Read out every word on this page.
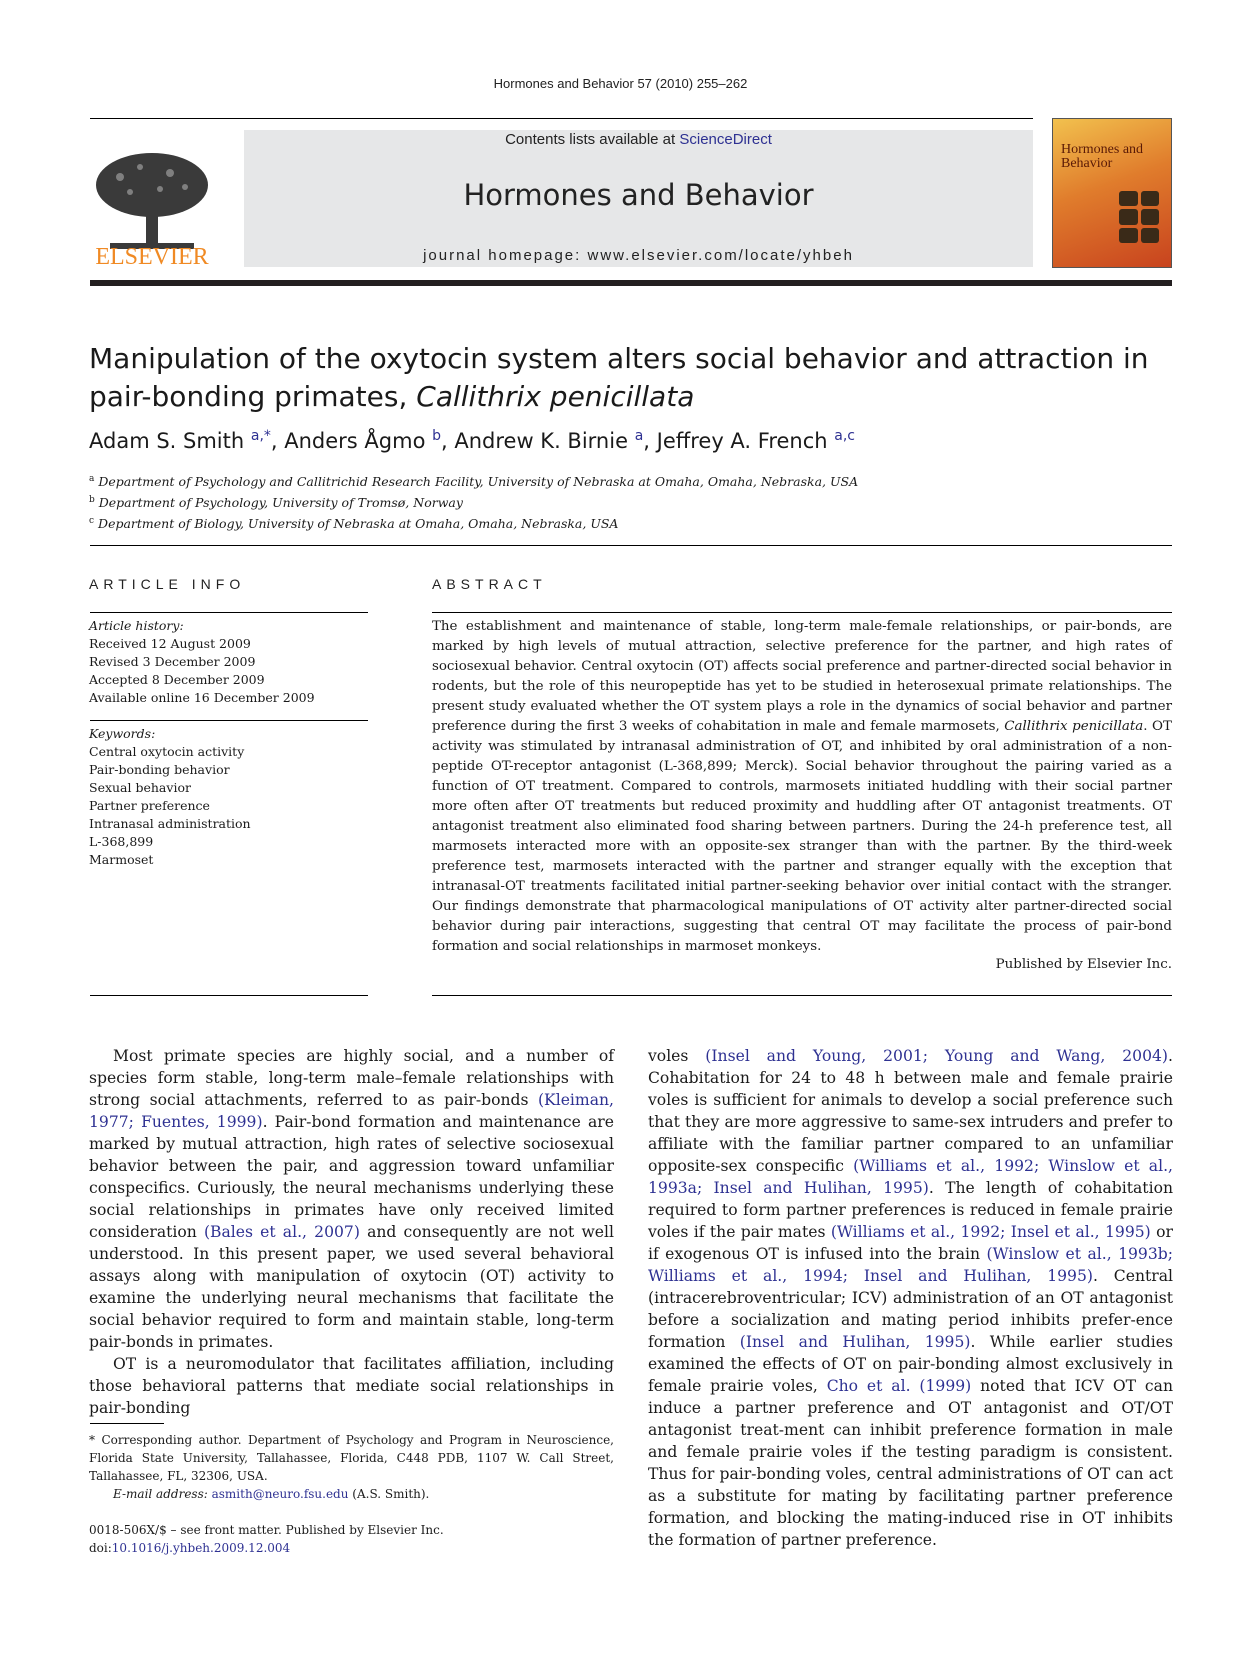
Hormones and Behavior 57 (2010) 255–262
ELSEVIER
Contents lists available at ScienceDirect
Hormones and Behavior
journal homepage: www.elsevier.com/locate/yhbeh
Hormones and Behavior
Manipulation of the oxytocin system alters social behavior and attraction in pair-bonding primates, Callithrix penicillata
Adam S. Smith $^{a,*}$, Anders Ågmo $^b$, Andrew K. Birnie $^a$, Jeffrey A. French $^{a,c}$
$^a$ Department of Psychology and Callitrichid Research Facility, University of Nebraska at Omaha, Omaha, Nebraska, USA
$^b$ Department of Psychology, University of Tromsø, Norway
$^c$ Department of Biology, University of Nebraska at Omaha, Omaha, Nebraska, USA
ARTICLE INFO	ABSTRACT
Article history:
Received 12 August 2009
Revised 3 December 2009
Accepted 8 December 2009
Available online 16 December 2009
Keywords:
Central oxytocin activity
Pair-bonding behavior
Sexual behavior
Partner preference
Intranasal administration
L-368,899
Marmoset
The establishment and maintenance of stable, long-term male-female relationships, or pair-bonds, are marked by high levels of mutual attraction, selective preference for the partner, and high rates of sociosexual behavior. Central oxytocin (OT) affects social preference and partner-directed social behavior in rodents, but the role of this neuropeptide has yet to be studied in heterosexual primate relationships. The present study evaluated whether the OT system plays a role in the dynamics of social behavior and partner preference during the first 3 weeks of cohabitation in male and female marmosets, Callithrix penicillata. OT activity was stimulated by intranasal administration of OT, and inhibited by oral administration of a non-peptide OT-receptor antagonist (L-368,899; Merck). Social behavior throughout the pairing varied as a function of OT treatment. Compared to controls, marmosets initiated huddling with their social partner more often after OT treatments but reduced proximity and huddling after OT antagonist treatments. OT antagonist treatment also eliminated food sharing between partners. During the 24-h preference test, all marmosets interacted more with an opposite-sex stranger than with the partner. By the third-week preference test, marmosets interacted with the partner and stranger equally with the exception that intranasal-OT treatments facilitated initial partner-seeking behavior over initial contact with the stranger. Our findings demonstrate that pharmacological manipulations of OT activity alter partner-directed social behavior during pair interactions, suggesting that central OT may facilitate the process of pair-bond formation and social relationships in marmoset monkeys.
Published by Elsevier Inc.

Most primate species are highly social, and a number of species form stable, long-term male–female relationships with strong social attachments, referred to as pair-bonds (Kleiman, 1977; Fuentes, 1999). Pair-bond formation and maintenance are marked by mutual attraction, high rates of selective sociosexual behavior between the pair, and aggression toward unfamiliar conspecifics. Curiously, the neural mechanisms underlying these social relationships in primates have only received limited consideration (Bales et al., 2007) and consequently are not well understood. In this present paper, we used several behavioral assays along with manipulation of oxytocin (OT) activity to examine the underlying neural mechanisms that facilitate the social behavior required to form and maintain stable, long-term pair-bonds in primates.

OT is a neuromodulator that facilitates affiliation, including those behavioral patterns that mediate social relationships in pair-bonding

voles (Insel and Young, 2001; Young and Wang, 2004). Cohabitation for 24 to 48 h between male and female prairie voles is sufficient for animals to develop a social preference such that they are more aggressive to same-sex intruders and prefer to affiliate with the familiar partner compared to an unfamiliar opposite-sex conspecific (Williams et al., 1992; Winslow et al., 1993a; Insel and Hulihan, 1995). The length of cohabitation required to form partner preferences is reduced in female prairie voles if the pair mates (Williams et al., 1992; Insel et al., 1995) or if exogenous OT is infused into the brain (Winslow et al., 1993b; Williams et al., 1994; Insel and Hulihan, 1995). Central (intracerebroventricular; ICV) administration of an OT antagonist before a socialization and mating period inhibits prefer-ence formation (Insel and Hulihan, 1995). While earlier studies examined the effects of OT on pair-bonding almost exclusively in female prairie voles, Cho et al. (1999) noted that ICV OT can induce a partner preference and OT antagonist and OT/OT antagonist treat-ment can inhibit preference formation in male and female prairie voles if the testing paradigm is consistent. Thus for pair-bonding voles, central administrations of OT can act as a substitute for mating by facilitating partner preference formation, and blocking the mating-induced rise in OT inhibits the formation of partner preference.

* Corresponding author. Department of Psychology and Program in Neuroscience, Florida State University, Tallahassee, Florida, C448 PDB, 1107 W. Call Street, Tallahassee, FL, 32306, USA.
E-mail address: asmith@neuro.fsu.edu (A.S. Smith).
0018-506X/$ – see front matter. Published by Elsevier Inc.
doi:10.1016/j.yhbeh.2009.12.004
